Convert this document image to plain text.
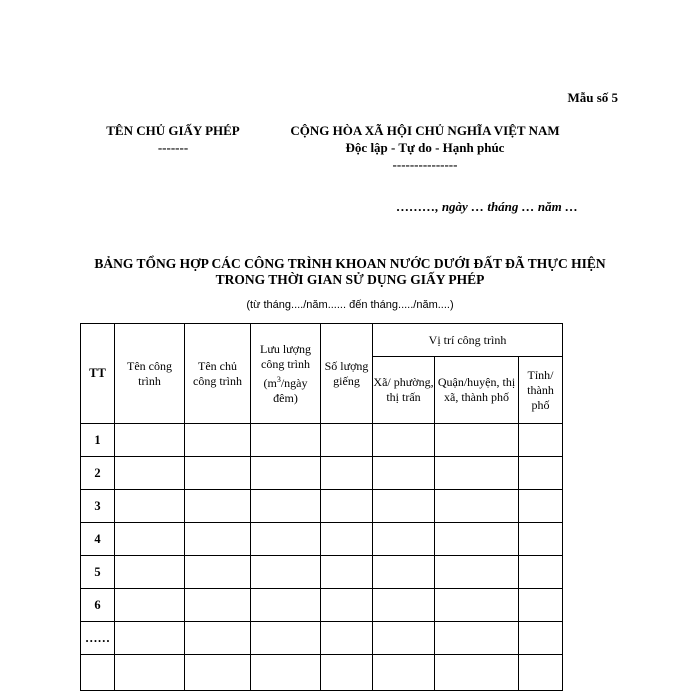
Mẫu số 5
TÊN CHỦ GIẤY PHÉP
-------
CỘNG HÒA XÃ HỘI CHỦ NGHĨA VIỆT NAM
Độc lập - Tự do - Hạnh phúc
---------------
………, ngày … tháng … năm …
BẢNG TỔNG HỢP CÁC CÔNG TRÌNH KHOAN NƯỚC DƯỚI ĐẤT ĐÃ THỰC HIỆN
TRONG THỜI GIAN SỬ DỤNG GIẤY PHÉP
(từ tháng..../năm...... đến tháng...../năm....)
TT	Tên công trình	Tên chủ công trình	Lưu lượng công trình ($m^3$/ngày đêm)	Số lượng giếng	Vị trí công trình		
					Xã/ phường, thị trấn	Quận/huyện, thị xã, thành phố	Tỉnh/ thành phố
1							
2							
3							
4							
5							
6							
……							
